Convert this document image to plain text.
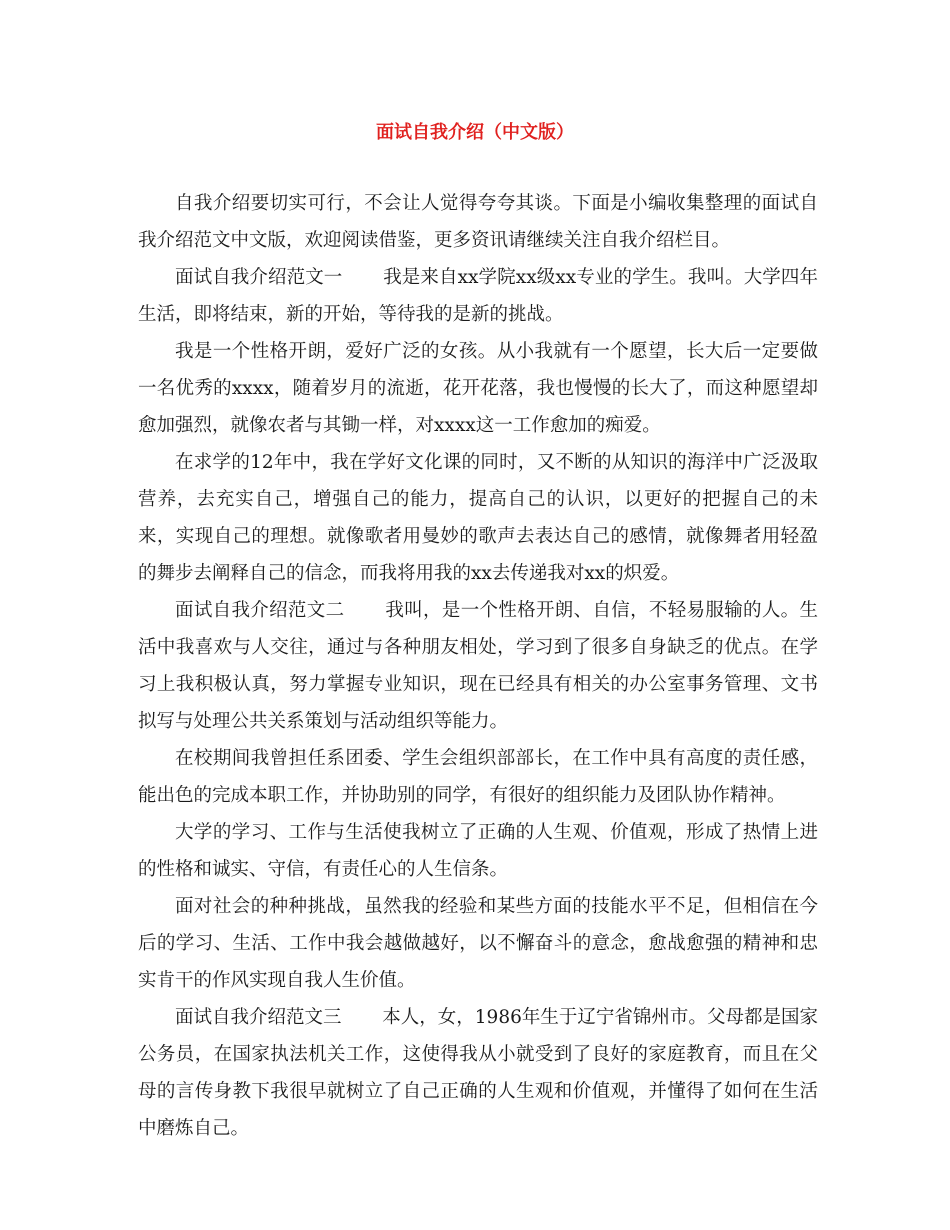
面试自我介绍（中文版）

自我介绍要切实可行，不会让人觉得夸夸其谈。下面是小编收集整理的面试自我介绍范文中文版，欢迎阅读借鉴，更多资讯请继续关注自我介绍栏目。

面试自我介绍范文一 我是来自xx学院xx级xx专业的学生。我叫。大学四年生活，即将结束，新的开始，等待我的是新的挑战。

我是一个性格开朗，爱好广泛的女孩。从小我就有一个愿望，长大后一定要做一名优秀的xxxx，随着岁月的流逝，花开花落，我也慢慢的长大了，而这种愿望却愈加强烈，就像农者与其锄一样，对xxxx这一工作愈加的痴爱。

在求学的12年中，我在学好文化课的同时，又不断的从知识的海洋中广泛汲取营养，去充实自己，增强自己的能力，提高自己的认识，以更好的把握自己的未来，实现自己的理想。就像歌者用曼妙的歌声去表达自己的感情，就像舞者用轻盈的舞步去阐释自己的信念，而我将用我的xx去传递我对xx的炽爱。

面试自我介绍范文二 我叫，是一个性格开朗、自信，不轻易服输的人。生活中我喜欢与人交往，通过与各种朋友相处，学习到了很多自身缺乏的优点。在学习上我积极认真，努力掌握专业知识，现在已经具有相关的办公室事务管理、文书拟写与处理公共关系策划与活动组织等能力。

在校期间我曾担任系团委、学生会组织部部长，在工作中具有高度的责任感，能出色的完成本职工作，并协助别的同学，有很好的组织能力及团队协作精神。

大学的学习、工作与生活使我树立了正确的人生观、价值观，形成了热情上进的性格和诚实、守信，有责任心的人生信条。

面对社会的种种挑战，虽然我的经验和某些方面的技能水平不足，但相信在今后的学习、生活、工作中我会越做越好，以不懈奋斗的意念，愈战愈强的精神和忠实肯干的作风实现自我人生价值。

面试自我介绍范文三 本人，女，1986年生于辽宁省锦州市。父母都是国家公务员，在国家执法机关工作，这使得我从小就受到了良好的家庭教育，而且在父母的言传身教下我很早就树立了自己正确的人生观和价值观，并懂得了如何在生活中磨炼自己。
